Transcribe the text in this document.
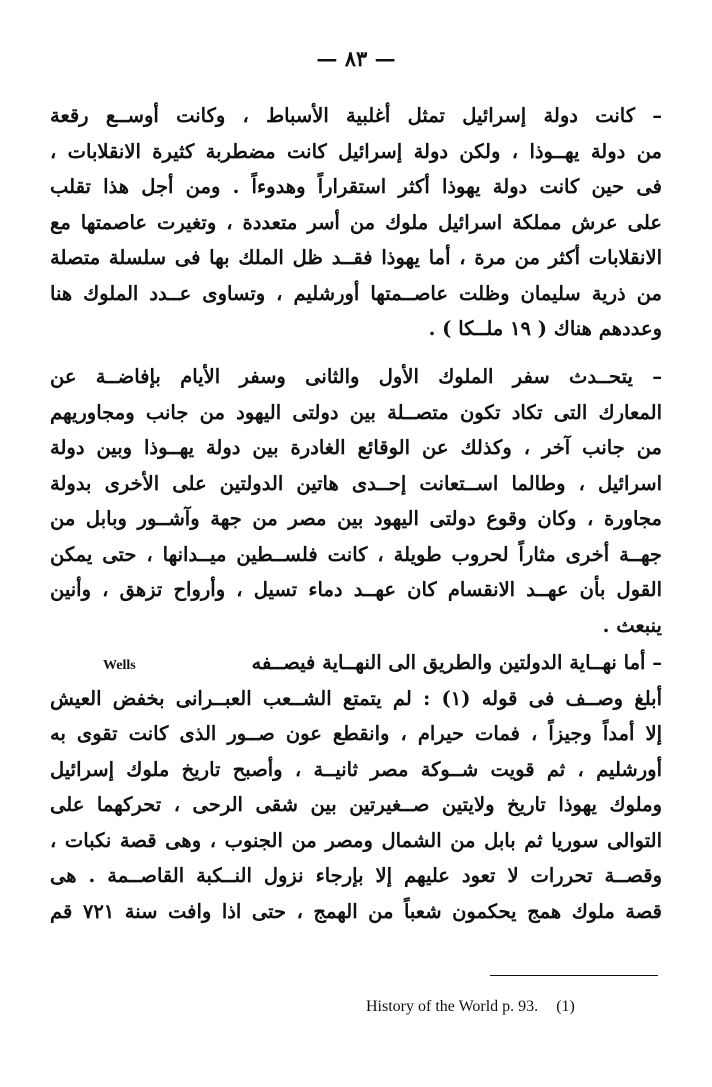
— ٨٣ —
– كانت دولة إسرائيل تمثل أغلبية الأسباط ، وكانت أوســع رقعة
من دولة يهــوذا ، ولكن دولة إسرائيل كانت مضطربة كثيرة الانقلابات ،
فى حين كانت دولة يهوذا أكثر استقراراً وهدوءاً . ومن أجل هذا تقلب
على عرش مملكة اسرائيل ملوك من أسر متعددة ، وتغيرت عاصمتها مع
الانقلابات أكثر من مرة ، أما يهوذا فقــد ظل الملك بها فى سلسلة متصلة
من ذرية سليمان وظلت عاصــمتها أورشليم ، وتساوى عــدد الملوك هنا
وعددهم هناك ( ١٩ ملــكا ) .
– يتحــدث سفر الملوك الأول والثانى وسفر الأيام بإفاضــة عن
المعارك التى تكاد تكون متصــلة بين دولتى اليهود من جانب ومجاوريهم
من جانب آخر ، وكذلك عن الوقائع الغادرة بين دولة يهــوذا وبين دولة
اسرائيل ، وطالما اســتعانت إحــدى هاتين الدولتين على الأخرى بدولة
مجاورة ، وكان وقوع دولتى اليهود بين مصر من جهة وآشــور وبابل من
جهــة أخرى مثاراً لحروب طويلة ، كانت فلســطين ميــدانها ، حتى يمكن
القول بأن عهــد الانقسام كان عهــد دماء تسيل ، وأرواح تزهق ، وأنين
ينبعث .
– أما نهــاية الدولتين والطريق الى النهــاية فيصــفه
أبلغ وصــف فى قوله (١) : لم يتمتع الشــعب العبــرانى بخفض العيش
إلا أمداً وجيزاً ، فمات حيرام ، وانقطع عون صــور الذى كانت تقوى به
أورشليم ، ثم قويت شــوكة مصر ثانيــة ، وأصبح تاريخ ملوك إسرائيل
وملوك يهوذا تاريخ ولايتين صــغيرتين بين شقى الرحى ، تحركهما على
التوالى سوريا ثم بابل من الشمال ومصر من الجنوب ، وهى قصة نكبات ،
وقصــة تحررات لا تعود عليهم إلا بإرجاء نزول النــكبة القاصــمة . هى
قصة ملوك همج يحكمون شعباً من الهمج ، حتى اذا وافت سنة ٧٢١ قم
Wells
History of the World p. 93. (1)
